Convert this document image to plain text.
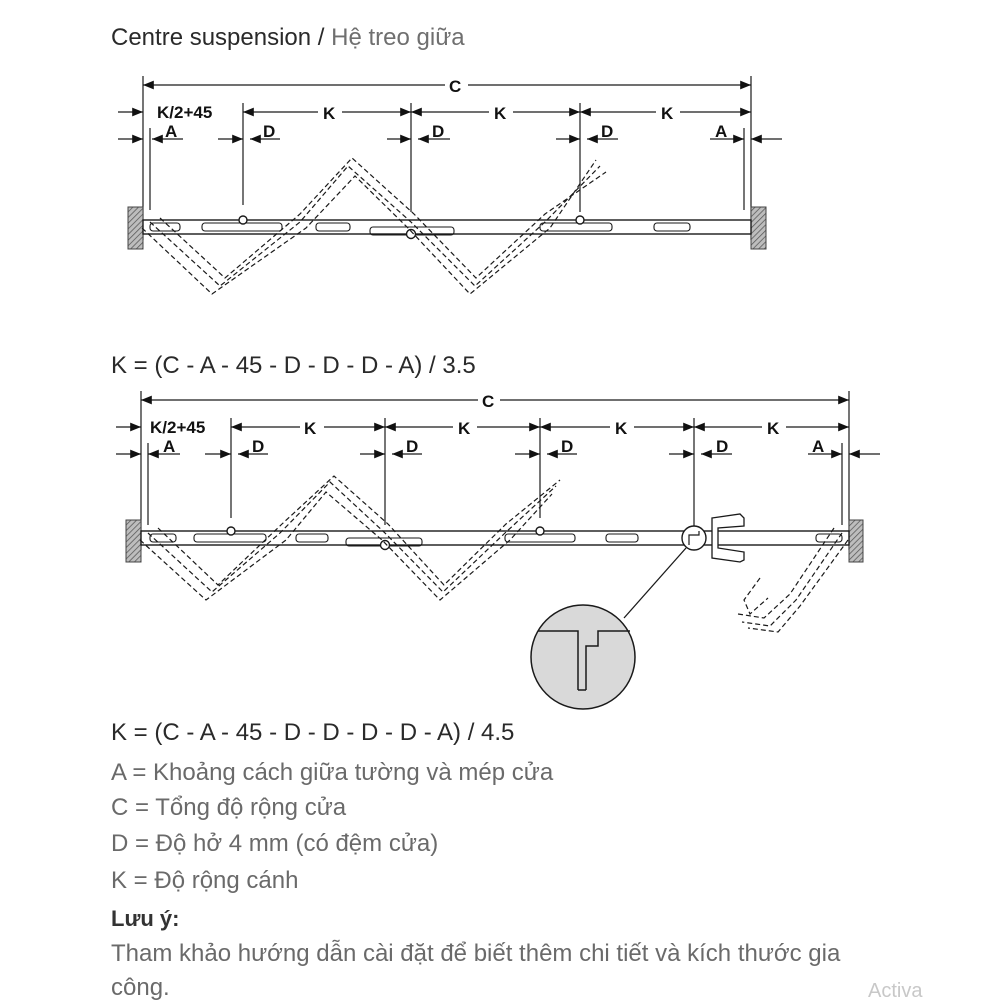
Centre suspension / Hệ treo giữa
C
K/2+45	K	K	K
A	D	D	D	A
C
K/2+45	K	K	K	K
A	D	D	D	D	A
K = (C - A - 45 - D - D - D - A) / 3.5
K = (C - A - 45 - D - D - D - D - A) / 4.5
A = Khoảng cách giữa tường và mép cửa
C = Tổng độ rộng cửa
D = Độ hở 4 mm (có đệm cửa)
K = Độ rộng cánh
Lưu ý:
Tham khảo hướng dẫn cài đặt để biết thêm chi tiết và kích thước gia
công.	Activa
